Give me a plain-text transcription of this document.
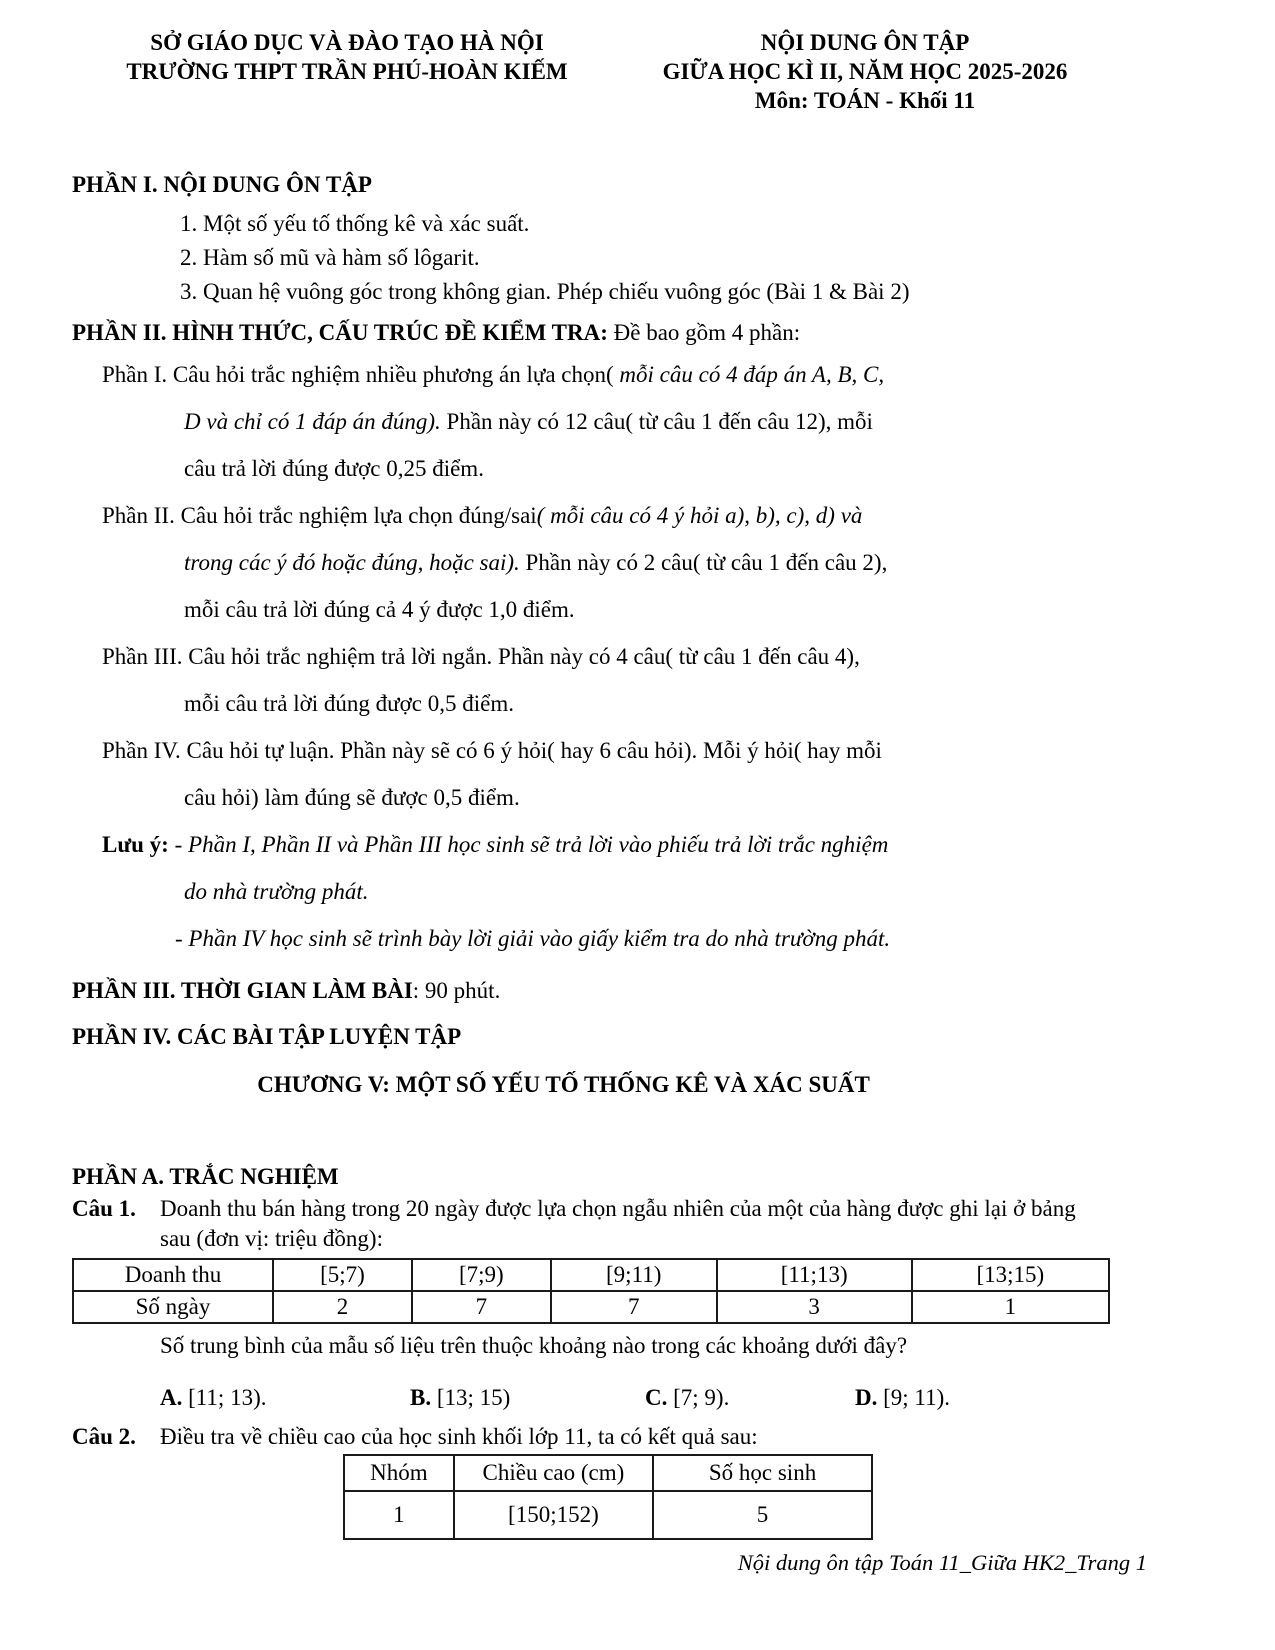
SỞ GIÁO DỤC VÀ ĐÀO TẠO HÀ NỘI
TRƯỜNG THPT TRẦN PHÚ-HOÀN KIẾM
NỘI DUNG ÔN TẬP
GIỮA HỌC KÌ II, NĂM HỌC 2025-2026
Môn: TOÁN - Khối 11
PHẦN I. NỘI DUNG ÔN TẬP
1. Một số yếu tố thống kê và xác suất.
2. Hàm số mũ và hàm số lôgarit.
3. Quan hệ vuông góc trong không gian. Phép chiếu vuông góc (Bài 1 & Bài 2)
PHẦN II. HÌNH THỨC, CẤU TRÚC ĐỀ KIỂM TRA: Đề bao gồm 4 phần:
Phần I. Câu hỏi trắc nghiệm nhiều phương án lựa chọn( mỗi câu có 4 đáp án A, B, C,
D và chỉ có 1 đáp án đúng). Phần này có 12 câu( từ câu 1 đến câu 12), mỗi
câu trả lời đúng được 0,25 điểm.
Phần II. Câu hỏi trắc nghiệm lựa chọn đúng/sai( mỗi câu có 4 ý hỏi a), b), c), d) và
trong các ý đó hoặc đúng, hoặc sai). Phần này có 2 câu( từ câu 1 đến câu 2),
mỗi câu trả lời đúng cả 4 ý được 1,0 điểm.
Phần III. Câu hỏi trắc nghiệm trả lời ngắn. Phần này có 4 câu( từ câu 1 đến câu 4),
mỗi câu trả lời đúng được 0,5 điểm.
Phần IV. Câu hỏi tự luận. Phần này sẽ có 6 ý hỏi( hay 6 câu hỏi). Mỗi ý hỏi( hay mỗi
câu hỏi) làm đúng sẽ được 0,5 điểm.
Lưu ý: - Phần I, Phần II và Phần III học sinh sẽ trả lời vào phiếu trả lời trắc nghiệm
do nhà trường phát.
- Phần IV học sinh sẽ trình bày lời giải vào giấy kiểm tra do nhà trường phát.
PHẦN III. THỜI GIAN LÀM BÀI: 90 phút.
PHẦN IV. CÁC BÀI TẬP LUYỆN TẬP
CHƯƠNG V: MỘT SỐ YẾU TỐ THỐNG KÊ VÀ XÁC SUẤT
PHẦN A. TRẮC NGHIỆM
Câu 1.	Doanh thu bán hàng trong 20 ngày được lựa chọn ngẫu nhiên của một của hàng được ghi lại ở bảng
sau (đơn vị: triệu đồng):
Doanh thu	[5;7)	[7;9)	[9;11)	[11;13)	[13;15)
Số ngày	2	7	7	3	1
Số trung bình của mẫu số liệu trên thuộc khoảng nào trong các khoảng dưới đây?
A. [11; 13).	B. [13; 15)	C. [7; 9).	D. [9; 11).
Câu 2.	Điều tra về chiều cao của học sinh khối lớp 11, ta có kết quả sau:
Nhóm	Chiều cao (cm)	Số học sinh
1	[150;152)	5
Nội dung ôn tập Toán 11_Giữa HK2_Trang 1
